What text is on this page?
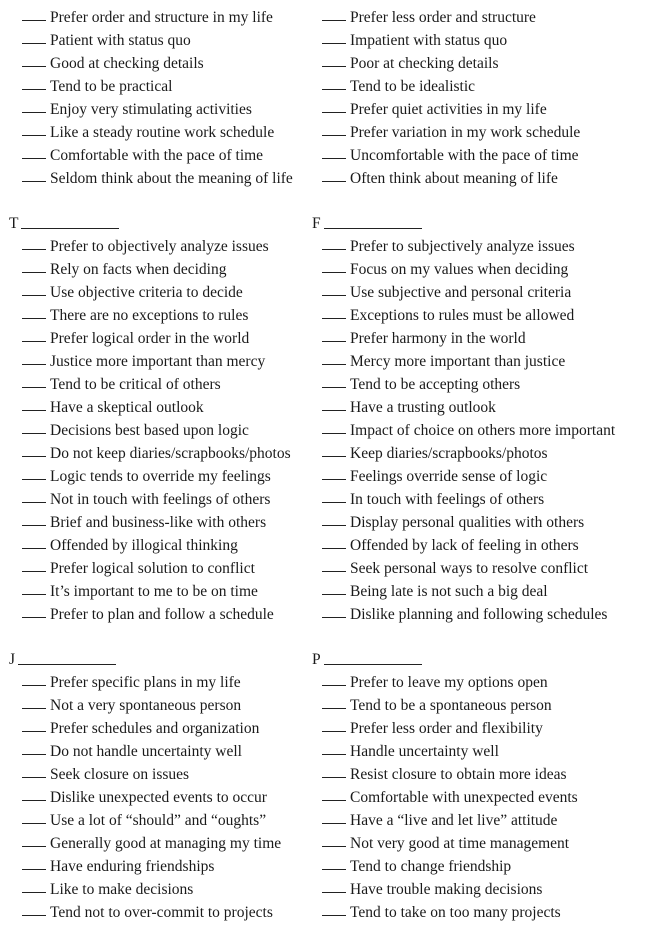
Prefer order and structure in my life
Patient with status quo
Good at checking details
Tend to be practical
Enjoy very stimulating activities
Like a steady routine work schedule
Comfortable with the pace of time
Seldom think about the meaning of life
Prefer less order and structure
Impatient with status quo
Poor at checking details
Tend to be idealistic
Prefer quiet activities in my life
Prefer variation in my work schedule
Uncomfortable with the pace of time
Often think about meaning of life
T	F
Prefer to objectively analyze issues
Rely on facts when deciding
Use objective criteria to decide
There are no exceptions to rules
Prefer logical order in the world
Justice more important than mercy
Tend to be critical of others
Have a skeptical outlook
Decisions best based upon logic
Do not keep diaries/scrapbooks/photos
Logic tends to override my feelings
Not in touch with feelings of others
Brief and business-like with others
Offended by illogical thinking
Prefer logical solution to conflict
It’s important to me to be on time
Prefer to plan and follow a schedule
Prefer to subjectively analyze issues
Focus on my values when deciding
Use subjective and personal criteria
Exceptions to rules must be allowed
Prefer harmony in the world
Mercy more important than justice
Tend to be accepting others
Have a trusting outlook
Impact of choice on others more important
Keep diaries/scrapbooks/photos
Feelings override sense of logic
In touch with feelings of others
Display personal qualities with others
Offended by lack of feeling in others
Seek personal ways to resolve conflict
Being late is not such a big deal
Dislike planning and following schedules
J	P
Prefer specific plans in my life
Not a very spontaneous person
Prefer schedules and organization
Do not handle uncertainty well
Seek closure on issues
Dislike unexpected events to occur
Use a lot of “should” and “oughts”
Generally good at managing my time
Have enduring friendships
Like to make decisions
Tend not to over-commit to projects
Prefer to leave my options open
Tend to be a spontaneous person
Prefer less order and flexibility
Handle uncertainty well
Resist closure to obtain more ideas
Comfortable with unexpected events
Have a “live and let live” attitude
Not very good at time management
Tend to change friendship
Have trouble making decisions
Tend to take on too many projects
